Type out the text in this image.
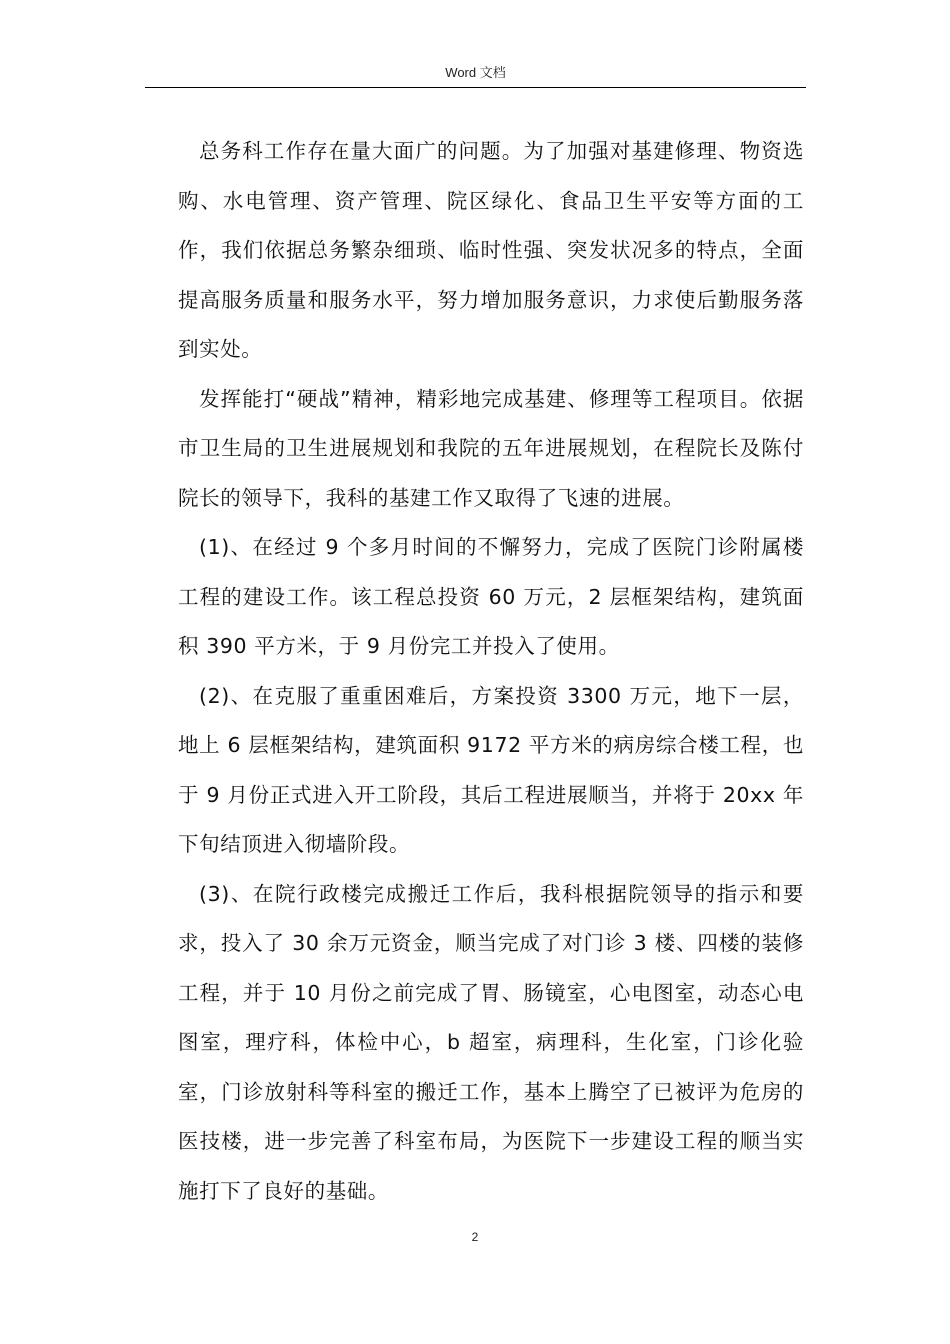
Word 文档

总务科工作存在量大面广的问题。为了加强对基建修理、物资选购、水电管理、资产管理、院区绿化、食品卫生平安等方面的工作，我们依据总务繁杂细琐、临时性强、突发状况多的特点，全面提高服务质量和服务水平，努力增加服务意识，力求使后勤服务落到实处。

发挥能打“硬战”精神，精彩地完成基建、修理等工程项目。依据市卫生局的卫生进展规划和我院的五年进展规划，在程院长及陈付院长的领导下，我科的基建工作又取得了飞速的进展。

(1)、在经过 9 个多月时间的不懈努力，完成了医院门诊附属楼工程的建设工作。该工程总投资 60 万元，2 层框架结构，建筑面积 390 平方米，于 9 月份完工并投入了使用。

(2)、在克服了重重困难后，方案投资 3300 万元，地下一层，地上 6 层框架结构，建筑面积 9172 平方米的病房综合楼工程，也于 9 月份正式进入开工阶段，其后工程进展顺当，并将于 20xx 年下旬结顶进入彻墙阶段。

(3)、在院行政楼完成搬迁工作后，我科根据院领导的指示和要求，投入了 30 余万元资金，顺当完成了对门诊 3 楼、四楼的装修工程，并于 10 月份之前完成了胃、肠镜室，心电图室，动态心电图室，理疗科，体检中心，b 超室，病理科，生化室，门诊化验室，门诊放射科等科室的搬迁工作，基本上腾空了已被评为危房的医技楼，进一步完善了科室布局，为医院下一步建设工程的顺当实施打下了良好的基础。

2
